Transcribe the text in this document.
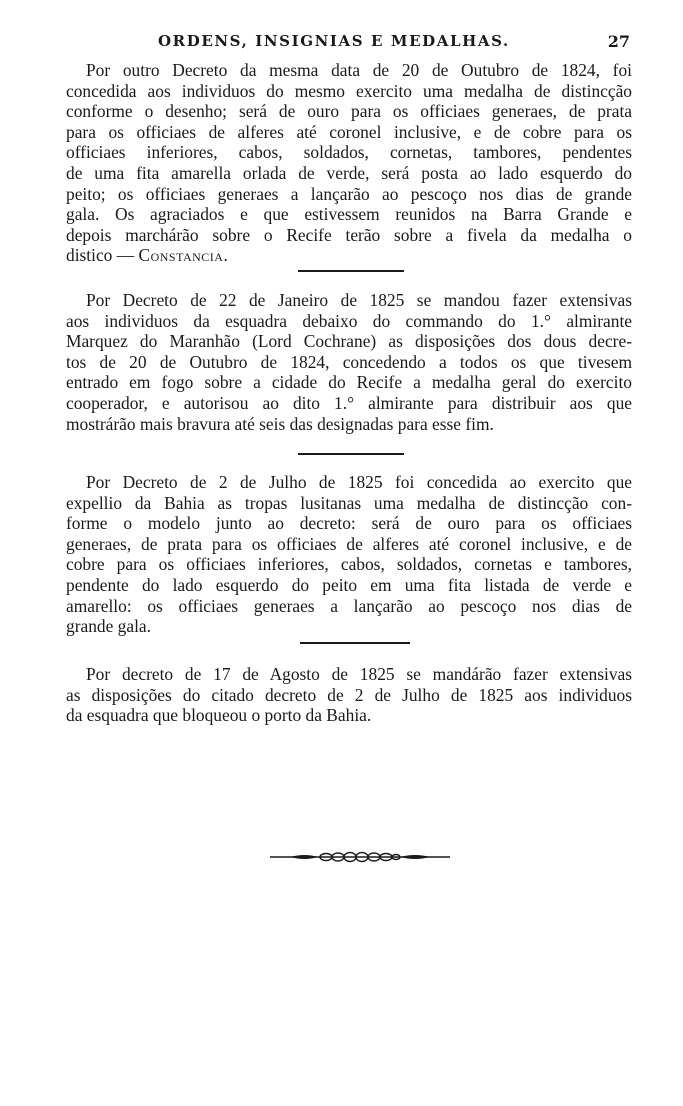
ORDENS, INSIGNIAS E MEDALHAS.	27
Por outro Decreto da mesma data de 20 de Outubro de 1824, foi
concedida aos individuos do mesmo exercito uma medalha de distincção
conforme o desenho; será de ouro para os officiaes generaes, de prata
para os officiaes de alferes até coronel inclusive, e de cobre para os
officiaes inferiores, cabos, soldados, cornetas, tambores, pendentes
de uma fita amarella orlada de verde, será posta ao lado esquerdo do
peito; os officiaes generaes a lançarão ao pescoço nos dias de grande
gala. Os agraciados e que estivessem reunidos na Barra Grande e
depois marchárão sobre o Recife terão sobre a fivela da medalha o
distico — Constancia.
Por Decreto de 22 de Janeiro de 1825 se mandou fazer extensivas
aos individuos da esquadra debaixo do commando do 1.° almirante
Marquez do Maranhão (Lord Cochrane) as disposições dos dous decre-
tos de 20 de Outubro de 1824, concedendo a todos os que tivesem
entrado em fogo sobre a cidade do Recife a medalha geral do exercito
cooperador, e autorisou ao dito 1.° almirante para distribuir aos que
mostrárão mais bravura até seis das designadas para esse fim.
Por Decreto de 2 de Julho de 1825 foi concedida ao exercito que
expellio da Bahia as tropas lusitanas uma medalha de distincção con-
forme o modelo junto ao decreto: será de ouro para os officiaes
generaes, de prata para os officiaes de alferes até coronel inclusive, e de
cobre para os officiaes inferiores, cabos, soldados, cornetas e tambores,
pendente do lado esquerdo do peito em uma fita listada de verde e
amarello: os officiaes generaes a lançarão ao pescoço nos dias de
grande gala.
Por decreto de 17 de Agosto de 1825 se mandárão fazer extensivas
as disposições do citado decreto de 2 de Julho de 1825 aos individuos
da esquadra que bloqueou o porto da Bahia.
